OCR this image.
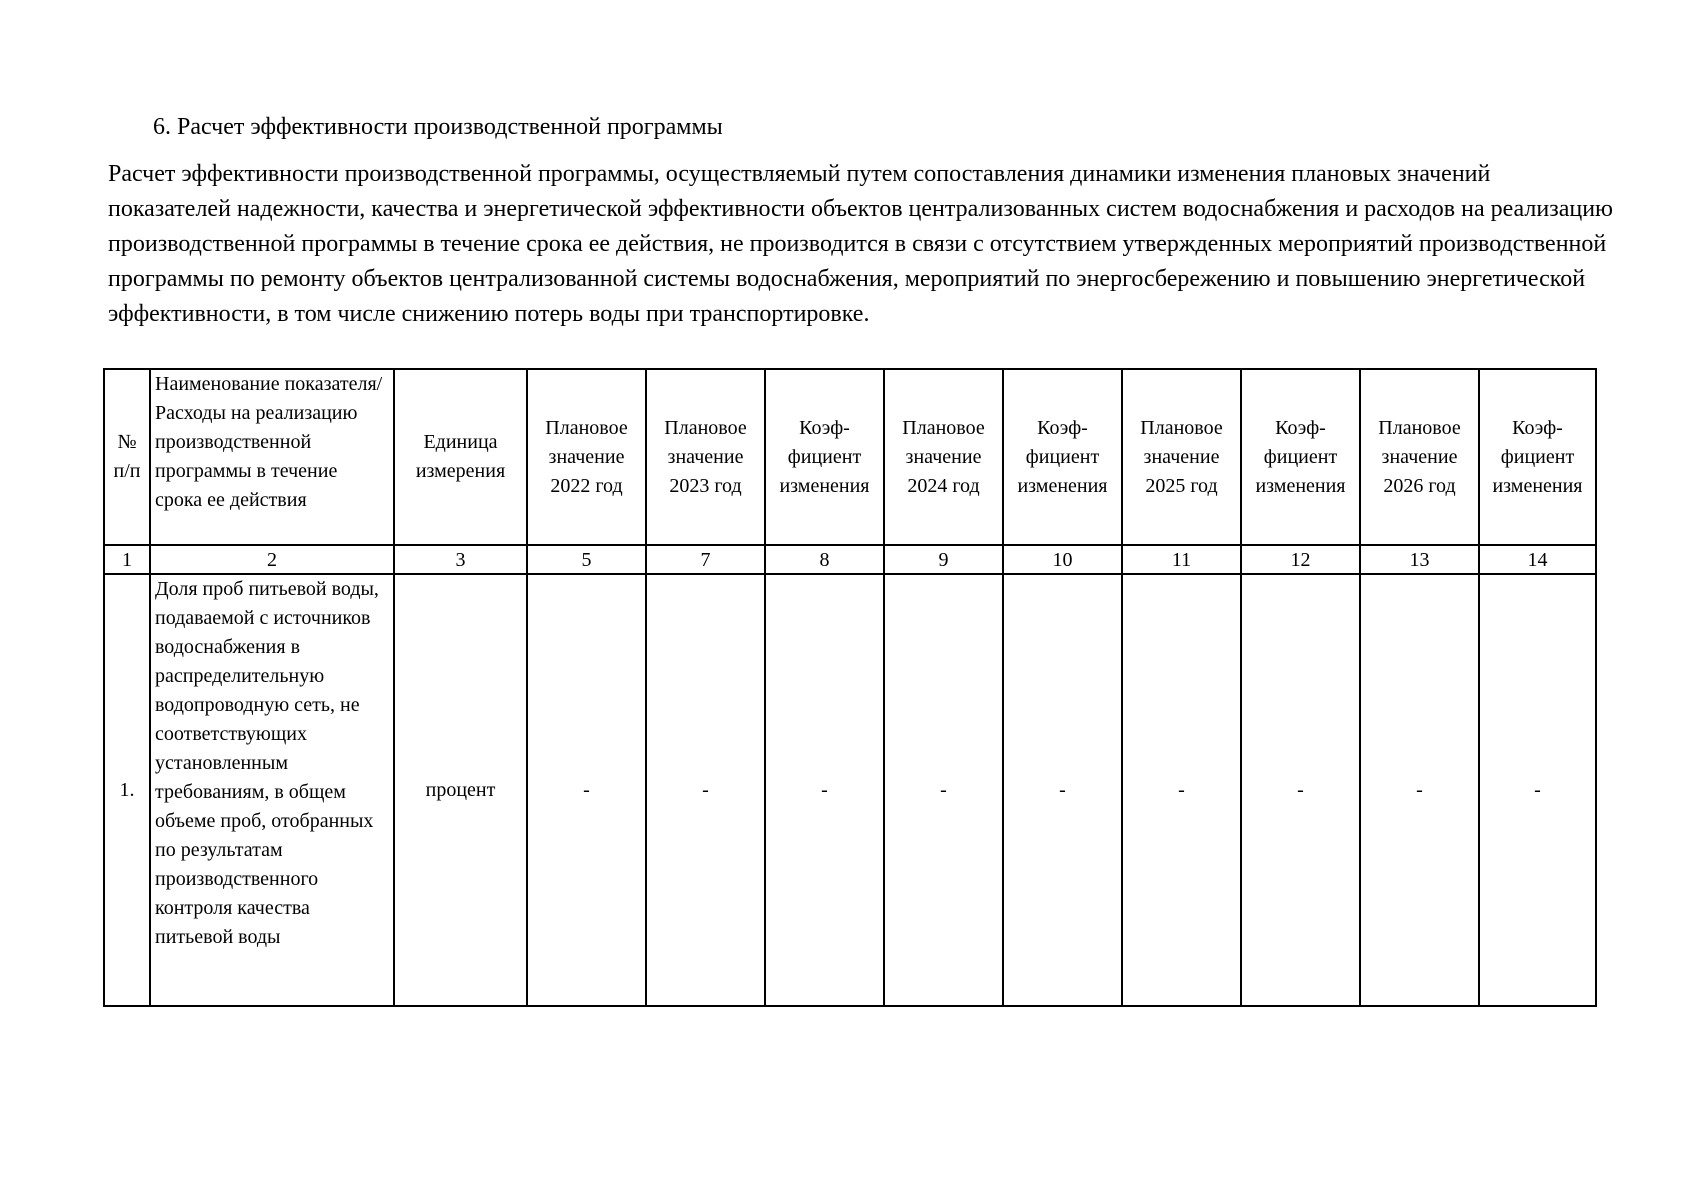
6. Расчет эффективности производственной программы

Расчет эффективности производственной программы, осуществляемый путем сопоставления динамики изменения плановых значений показателей надежности, качества и энергетической эффективности объектов централизованных систем водоснабжения и расходов на реализацию производственной программы в течение срока ее действия, не производится в связи с отсутствием утвержденных мероприятий производственной программы по ремонту объектов централизованной системы водоснабжения, мероприятий по энергосбережению и повышению энергетической эффективности, в том числе снижению потерь воды при транспортировке.

№ п/п	Наименование показателя/Расходы на реализацию производственной программы в течение срока ее действия	Единица измерения	Плановое значение 2022 год	Плановое значение 2023 год	Коэф-фициент изменения	Плановое значение 2024 год	Коэф-фициент изменения	Плановое значение 2025 год	Коэф-фициент изменения	Плановое значение 2026 год	Коэф-фициент изменения
1	2	3	5	7	8	9	10	11	12	13	14
1.	Доля проб питьевой воды, подаваемой с источников водоснабжения в распределительную водопроводную сеть, не соответствующих установленным требованиям, в общем объеме проб, отобранных по результатам производственного контроля качества питьевой воды	процент	-	-	-	-	-	-	-	-	-
